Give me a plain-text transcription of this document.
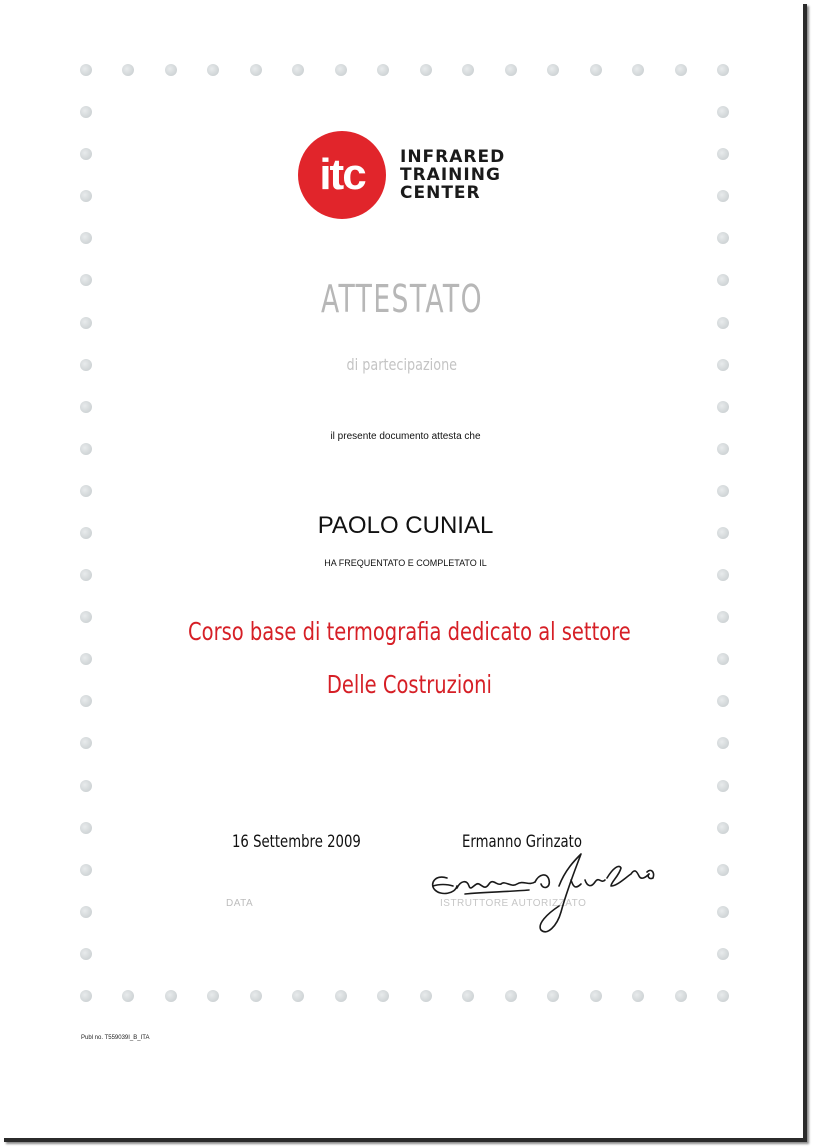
itc	INFRARED
TRAINING
CENTER
ATTESTATO
di partecipazione
il presente documento attesta che
PAOLO CUNIAL
HA FREQUENTATO E COMPLETATO IL
Corso base di termografia dedicato al settore
Delle Costruzioni
16 Settembre 2009	Ermanno Grinzato
DATA	ISTRUTTORE AUTORIZZATO
Publ no. T559039I_B_ITA
